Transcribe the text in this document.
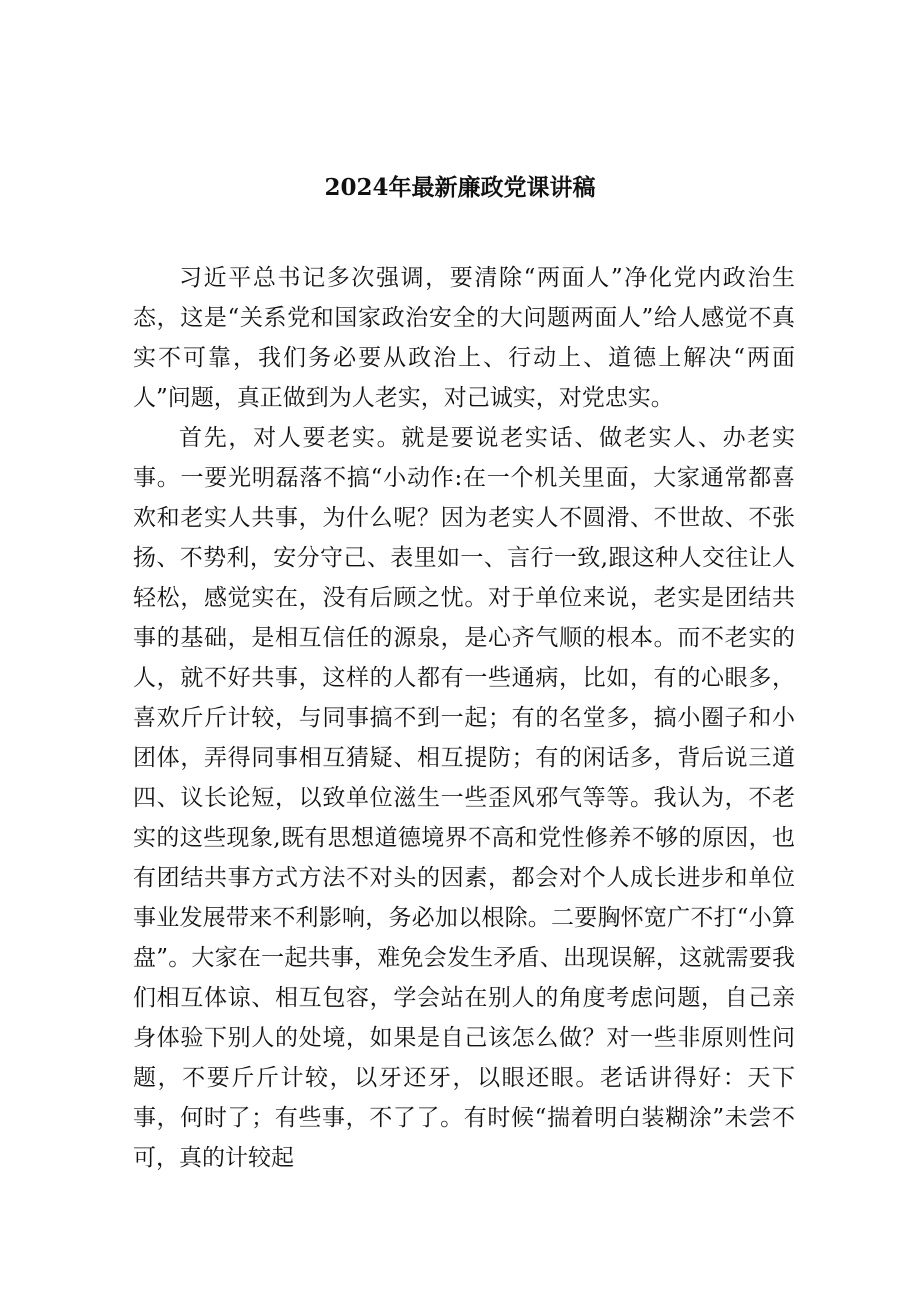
2024年最新廉政党课讲稿

习近平总书记多次强调，要清除“两面人”净化党内政治生态，这是“关系党和国家政治安全的大问题两面人”给人感觉不真实不可靠，我们务必要从政治上、行动上、道德上解决“两面人”问题，真正做到为人老实，对己诚实，对党忠实。

首先，对人要老实。就是要说老实话、做老实人、办老实事。一要光明磊落不搞“小动作:在一个机关里面，大家通常都喜欢和老实人共事，为什么呢？因为老实人不圆滑、不世故、不张扬、不势利，安分守己、表里如一、言行一致,跟这种人交往让人轻松，感觉实在，没有后顾之忧。对于单位来说，老实是团结共事的基础，是相互信任的源泉，是心齐气顺的根本。而不老实的人，就不好共事，这样的人都有一些通病，比如，有的心眼多，喜欢斤斤计较，与同事搞不到一起；有的名堂多，搞小圈子和小团体，弄得同事相互猜疑、相互提防；有的闲话多，背后说三道四、议长论短，以致单位滋生一些歪风邪气等等。我认为，不老实的这些现象,既有思想道德境界不高和党性修养不够的原因，也有团结共事方式方法不对头的因素，都会对个人成长进步和单位事业发展带来不利影响，务必加以根除。二要胸怀宽广不打“小算盘”。大家在一起共事，难免会发生矛盾、出现误解，这就需要我们相互体谅、相互包容，学会站在别人的角度考虑问题，自己亲身体验下别人的处境，如果是自己该怎么做？对一些非原则性问题，不要斤斤计较，以牙还牙，以眼还眼。老话讲得好：天下事，何时了；有些事，不了了。有时候“揣着明白装糊涂”未尝不可，真的计较起
